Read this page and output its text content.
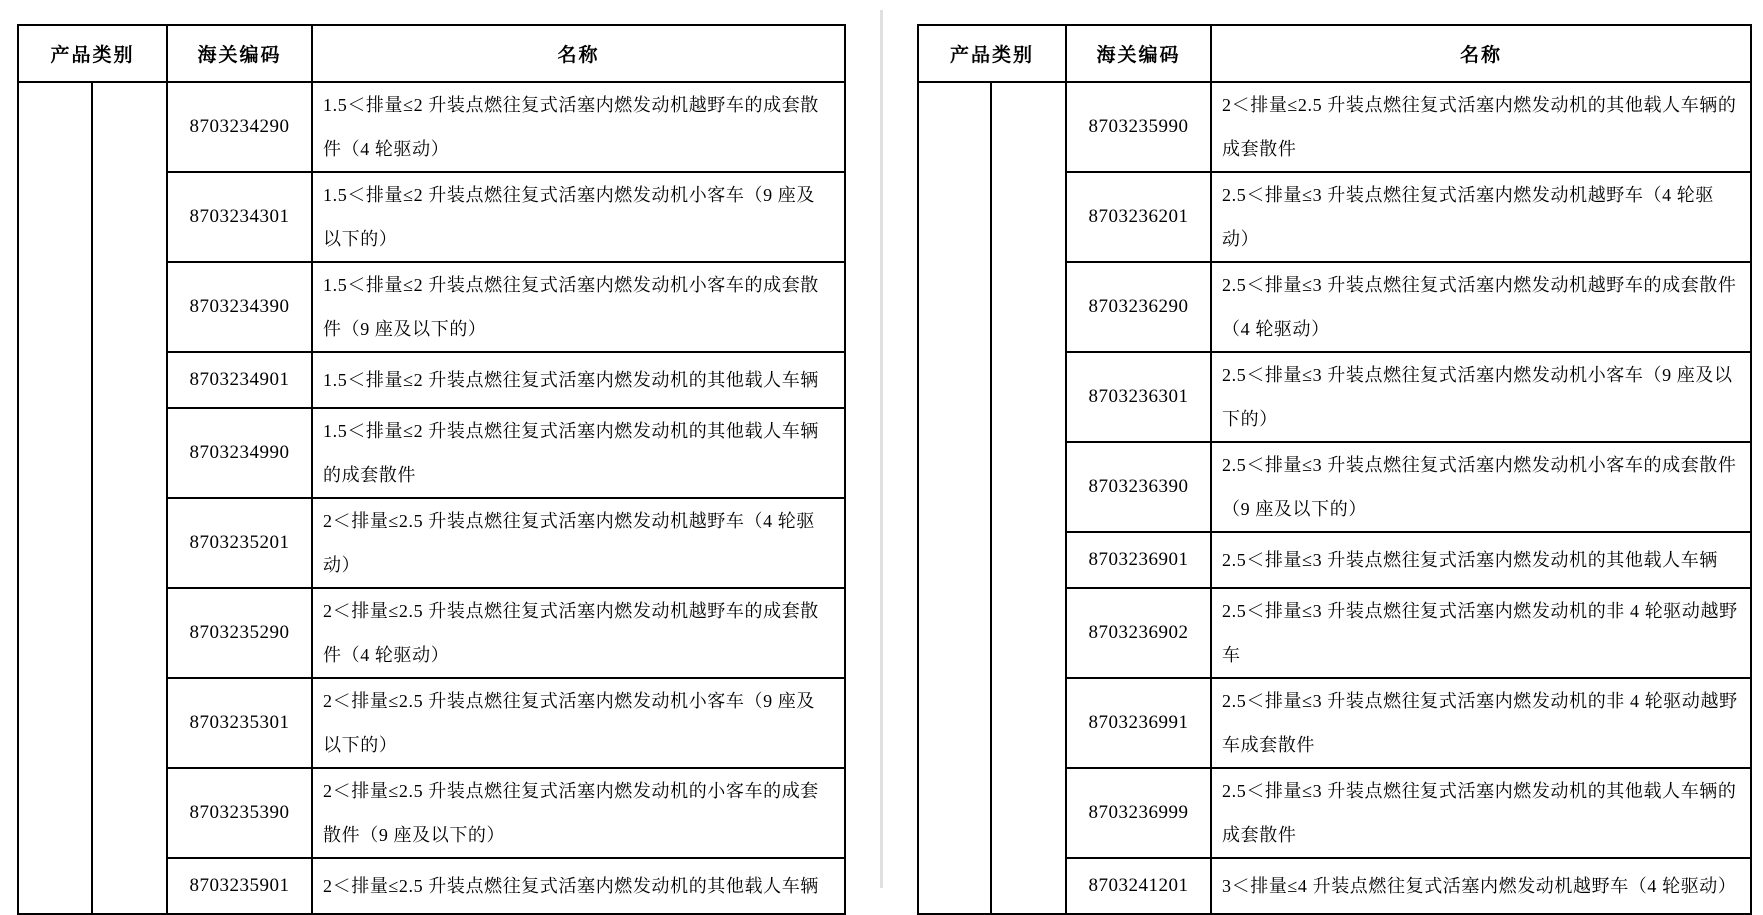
产品类别		海关编码	名称
		8703234290	1.5＜排量≤2 升装点燃往复式活塞内燃发动机越野车的成套散件（4 轮驱动）
		8703234301	1.5＜排量≤2 升装点燃往复式活塞内燃发动机小客车（9 座及以下的）
		8703234390	1.5＜排量≤2 升装点燃往复式活塞内燃发动机小客车的成套散件（9 座及以下的）
		8703234901	1.5＜排量≤2 升装点燃往复式活塞内燃发动机的其他载人车辆
		8703234990	1.5＜排量≤2 升装点燃往复式活塞内燃发动机的其他载人车辆的成套散件
		8703235201	2＜排量≤2.5 升装点燃往复式活塞内燃发动机越野车（4 轮驱动）
		8703235290	2＜排量≤2.5 升装点燃往复式活塞内燃发动机越野车的成套散件（4 轮驱动）
		8703235301	2＜排量≤2.5 升装点燃往复式活塞内燃发动机小客车（9 座及以下的）
		8703235390	2＜排量≤2.5 升装点燃往复式活塞内燃发动机的小客车的成套散件（9 座及以下的）
		8703235901	2＜排量≤2.5 升装点燃往复式活塞内燃发动机的其他载人车辆
产品类别		海关编码	名称
		8703235990	2＜排量≤2.5 升装点燃往复式活塞内燃发动机的其他载人车辆的成套散件
		8703236201	2.5＜排量≤3 升装点燃往复式活塞内燃发动机越野车（4 轮驱动）
		8703236290	2.5＜排量≤3 升装点燃往复式活塞内燃发动机越野车的成套散件（4 轮驱动）
		8703236301	2.5＜排量≤3 升装点燃往复式活塞内燃发动机小客车（9 座及以下的）
		8703236390	2.5＜排量≤3 升装点燃往复式活塞内燃发动机小客车的成套散件（9 座及以下的）
		8703236901	2.5＜排量≤3 升装点燃往复式活塞内燃发动机的其他载人车辆
		8703236902	2.5＜排量≤3 升装点燃往复式活塞内燃发动机的非 4 轮驱动越野车
		8703236991	2.5＜排量≤3 升装点燃往复式活塞内燃发动机的非 4 轮驱动越野车成套散件
		8703236999	2.5＜排量≤3 升装点燃往复式活塞内燃发动机的其他载人车辆的成套散件
		8703241201	3＜排量≤4 升装点燃往复式活塞内燃发动机越野车（4 轮驱动）
